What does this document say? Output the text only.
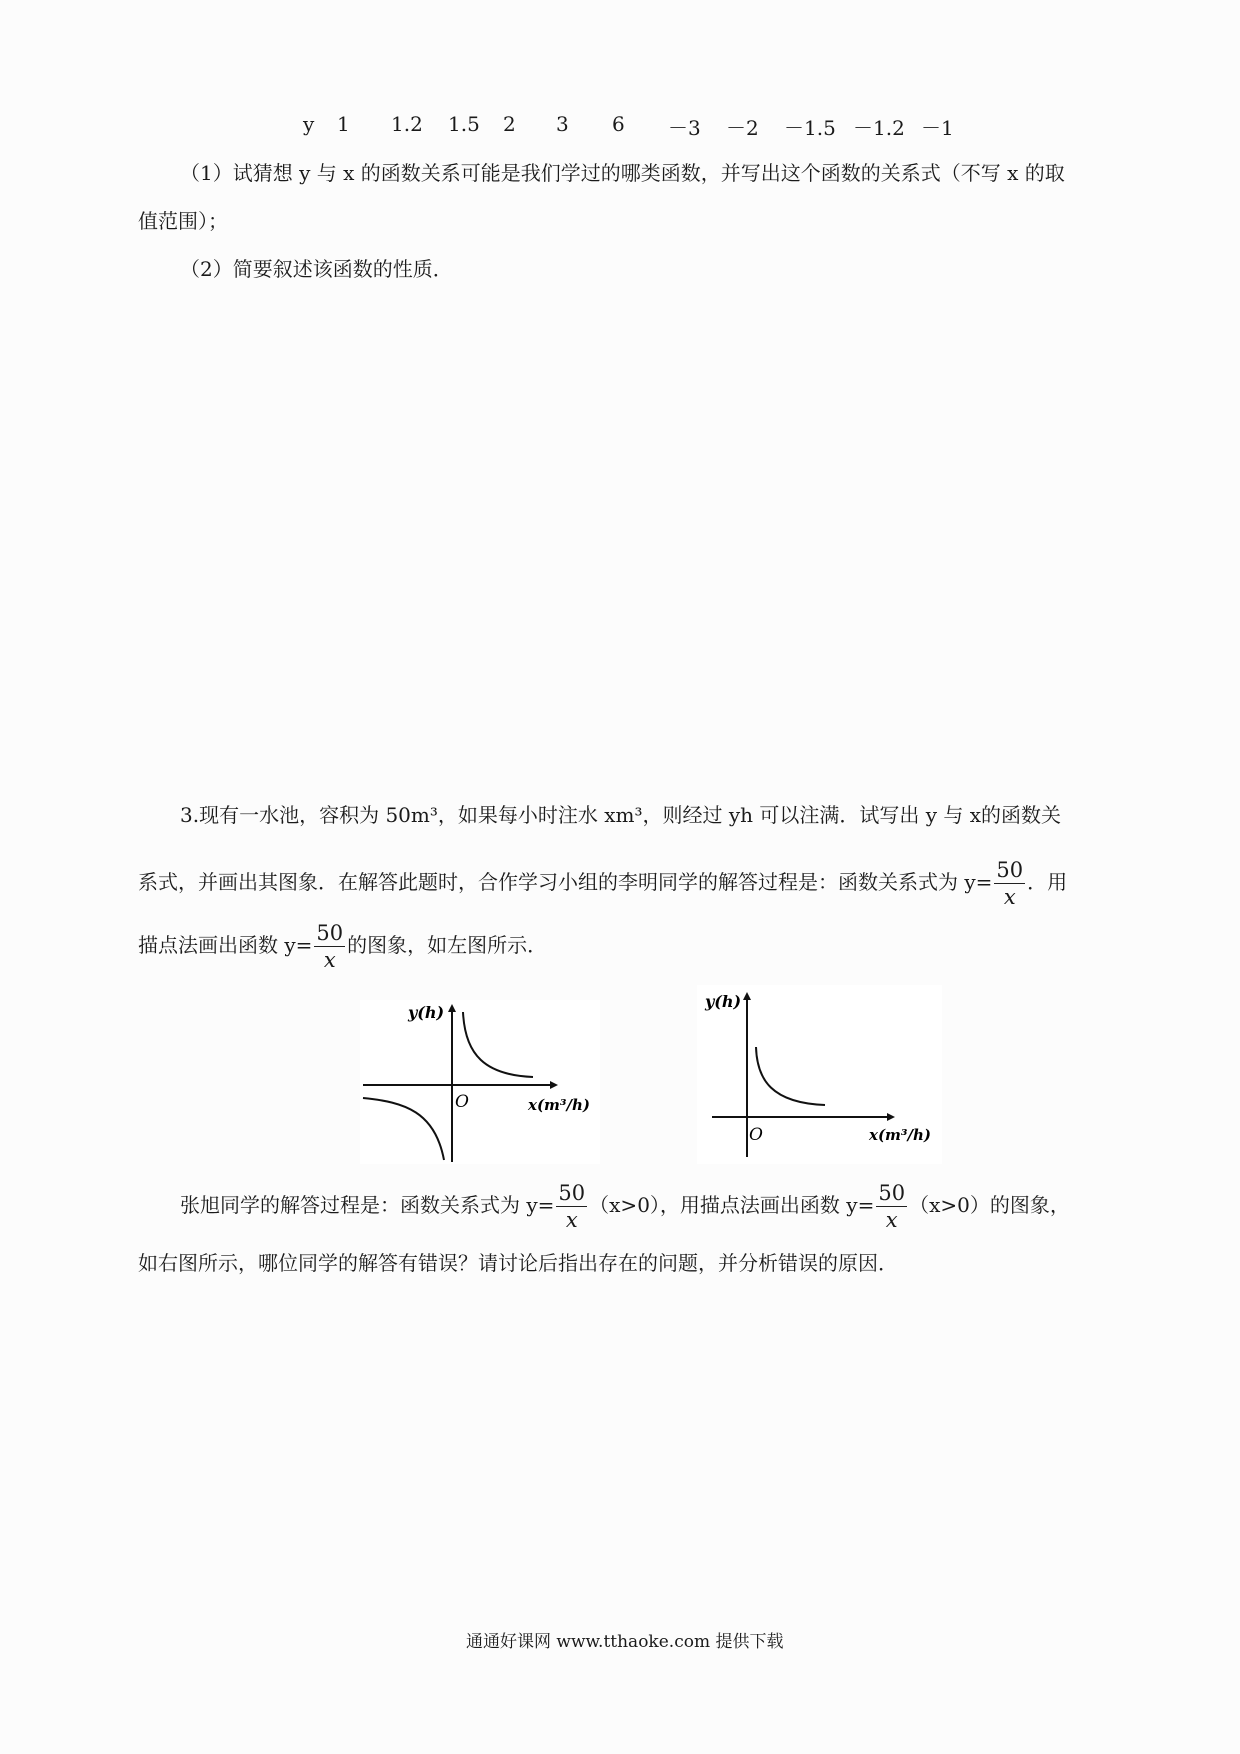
y 1 1.2 1.5 2 3 6 －3 －2 －1.5 －1.2 －1
（1）试猜想 y 与 x 的函数关系可能是我们学过的哪类函数，并写出这个函数的关系式（不写 x 的取
值范围）；
（2）简要叙述该函数的性质．
3.现有一水池，容积为 50m³，如果每小时注水 xm³，则经过 yh 可以注满．试写出 y 与 x的函数关
系式，并画出其图象．在解答此题时，合作学习小组的李明同学的解答过程是：函数关系式为 $y= \frac{50}{x}$ ．用
描点法画出函数 $y= \frac{50}{x}$ 的图象，如左图所示．
y(h)
O	x(m³/h)
y(h)
O	x(m³/h)
张旭同学的解答过程是：函数关系式为 $y= \frac{50}{x} (x>0)$，用描点法画出函数 $y= \frac{50}{x} (x>0)$的图象，
如右图所示，哪位同学的解答有错误？请讨论后指出存在的问题，并分析错误的原因．
通通好课网 www.tthaoke.com 提供下载
